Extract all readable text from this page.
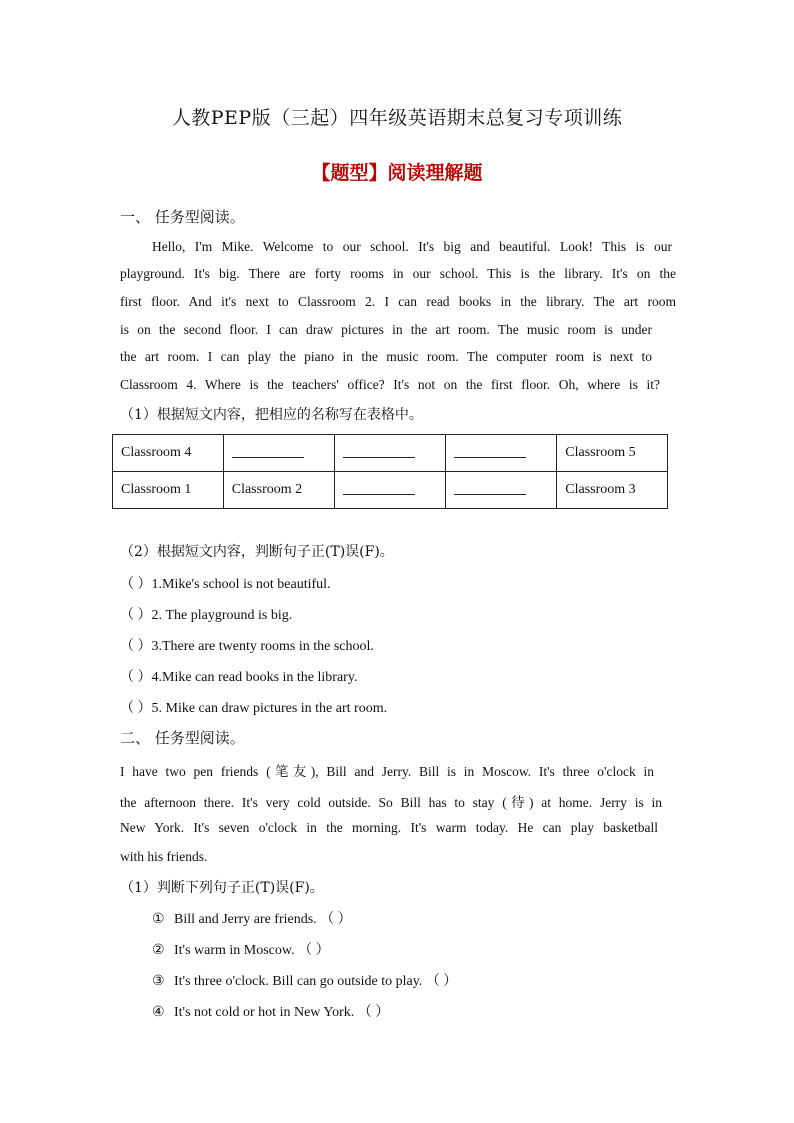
人教PEP版（三起）四年级英语期末总复习专项训练
【题型】阅读理解题
一、 任务型阅读。
Hello, I'm Mike. Welcome to our school. It's big and beautiful. Look! This is our
playground. It's big. There are forty rooms in our school. This is the library. It's on the
first floor. And it's next to Classroom 2. I can read books in the library. The art room
is on the second floor. I can draw pictures in the art room. The music room is under
the art room. I can play the piano in the music room. The computer room is next to
Classroom 4. Where is the teachers' office? It's not on the first floor. Oh, where is it?
（1）根据短文内容，把相应的名称写在表格中。
Classroom 4				Classroom 5
Classroom 1	Classroom 2			Classroom 3
（2）根据短文内容，判断句子正(T)误(F)。
（ ）1.Mike's school is not beautiful.
（ ）2. The playground is big.
（ ）3.There are twenty rooms in the school.
（ ）4.Mike can read books in the library.
（ ）5. Mike can draw pictures in the art room.
二、 任务型阅读。
I have two pen friends (笔友), Bill and Jerry. Bill is in Moscow. It's three o'clock in
the afternoon there. It's very cold outside. So Bill has to stay (待) at home. Jerry is in
New York. It's seven o'clock in the morning. It's warm today. He can play basketball
with his friends.
（1）判断下列句子正(T)误(F)。
① Bill and Jerry are friends. （ ）
② It's warm in Moscow. （ ）
③ It's three o'clock. Bill can go outside to play. （ ）
④ It's not cold or hot in New York. （ ）
